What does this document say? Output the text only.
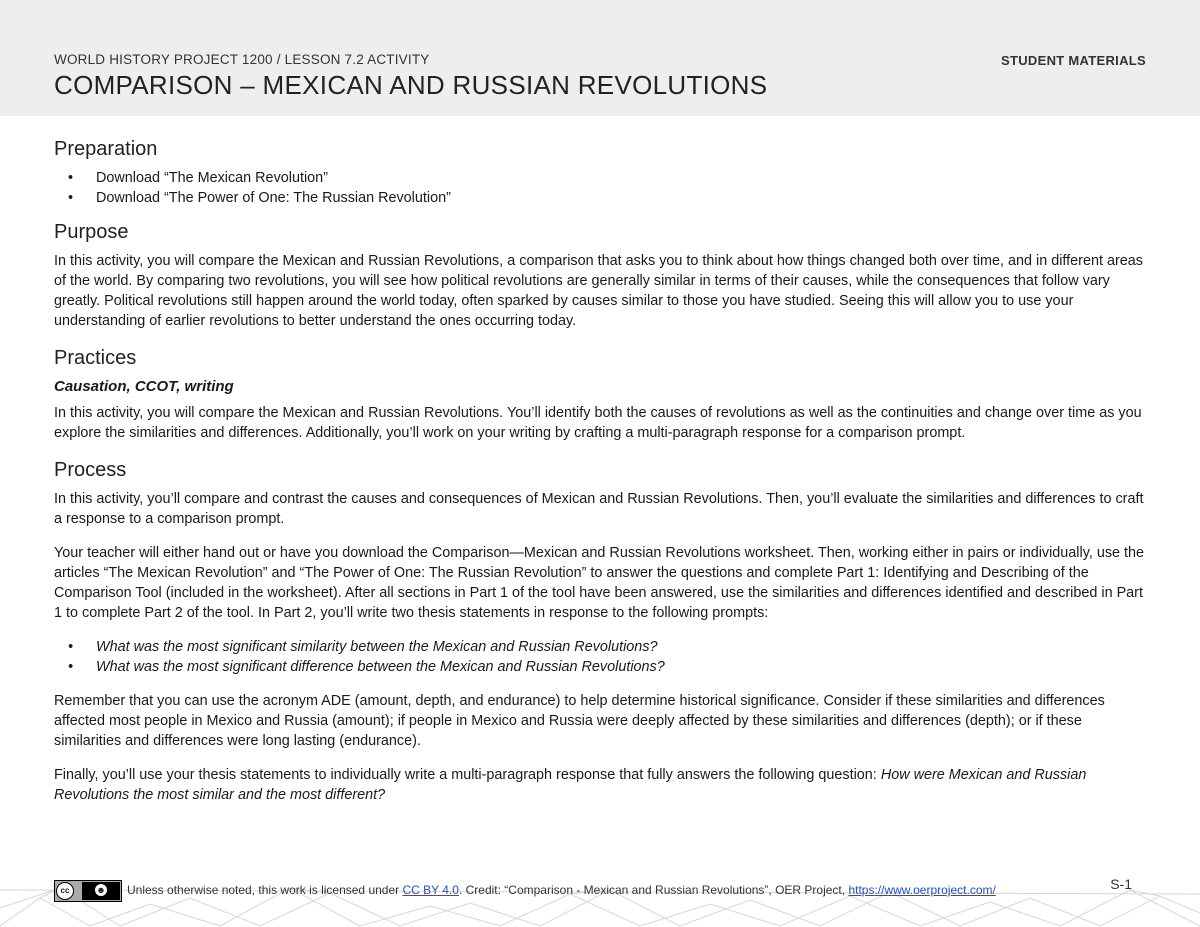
WORLD HISTORY PROJECT 1200 / LESSON 7.2 ACTIVITY
COMPARISON – MEXICAN AND RUSSIAN REVOLUTIONS
STUDENT MATERIALS
Preparation
• Download “The Mexican Revolution”
• Download “The Power of One: The Russian Revolution”
Purpose

In this activity, you will compare the Mexican and Russian Revolutions, a comparison that asks you to think about how things changed both over time, and in different areas of the world. By comparing two revolutions, you will see how political revolutions are generally similar in terms of their causes, while the consequences that follow vary greatly. Political revolutions still happen around the world today, often sparked by causes similar to those you have studied. Seeing this will allow you to use your understanding of earlier revolutions to better understand the ones occurring today.

Practices
Causation, CCOT, writing

In this activity, you will compare the Mexican and Russian Revolutions. You’ll identify both the causes of revolutions as well as the continuities and change over time as you explore the similarities and differences. Additionally, you’ll work on your writing by crafting a multi-paragraph response for a comparison prompt.

Process

In this activity, you’ll compare and contrast the causes and consequences of Mexican and Russian Revolutions. Then, you’ll evaluate the similarities and differences to craft a response to a comparison prompt.

Your teacher will either hand out or have you download the Comparison—Mexican and Russian Revolutions worksheet. Then, working either in pairs or individually, use the articles “The Mexican Revolution” and “The Power of One: The Russian Revolution” to answer the questions and complete Part 1: Identifying and Describing of the Comparison Tool (included in the worksheet). After all sections in Part 1 of the tool have been answered, use the similarities and differences identified and described in Part 1 to complete Part 2 of the tool. In Part 2, you’ll write two thesis statements in response to the following prompts:

• What was the most significant similarity between the Mexican and Russian Revolutions?
• What was the most significant difference between the Mexican and Russian Revolutions?

Remember that you can use the acronym ADE (amount, depth, and endurance) to help determine historical significance. Consider if these similarities and differences affected most people in Mexico and Russia (amount); if people in Mexico and Russia were deeply affected by these similarities and differences (depth); or if these similarities and differences were long lasting (endurance).

Finally, you’ll use your thesis statements to individually write a multi-paragraph response that fully answers the following question: How were Mexican and Russian Revolutions the most similar and the most different?

cc	☻ Unless otherwise noted, this work is licensed under CC BY 4.0. Credit: “Comparison - Mexican and Russian Revolutions”, OER Project, https://www.oerproject.com/	S-1
